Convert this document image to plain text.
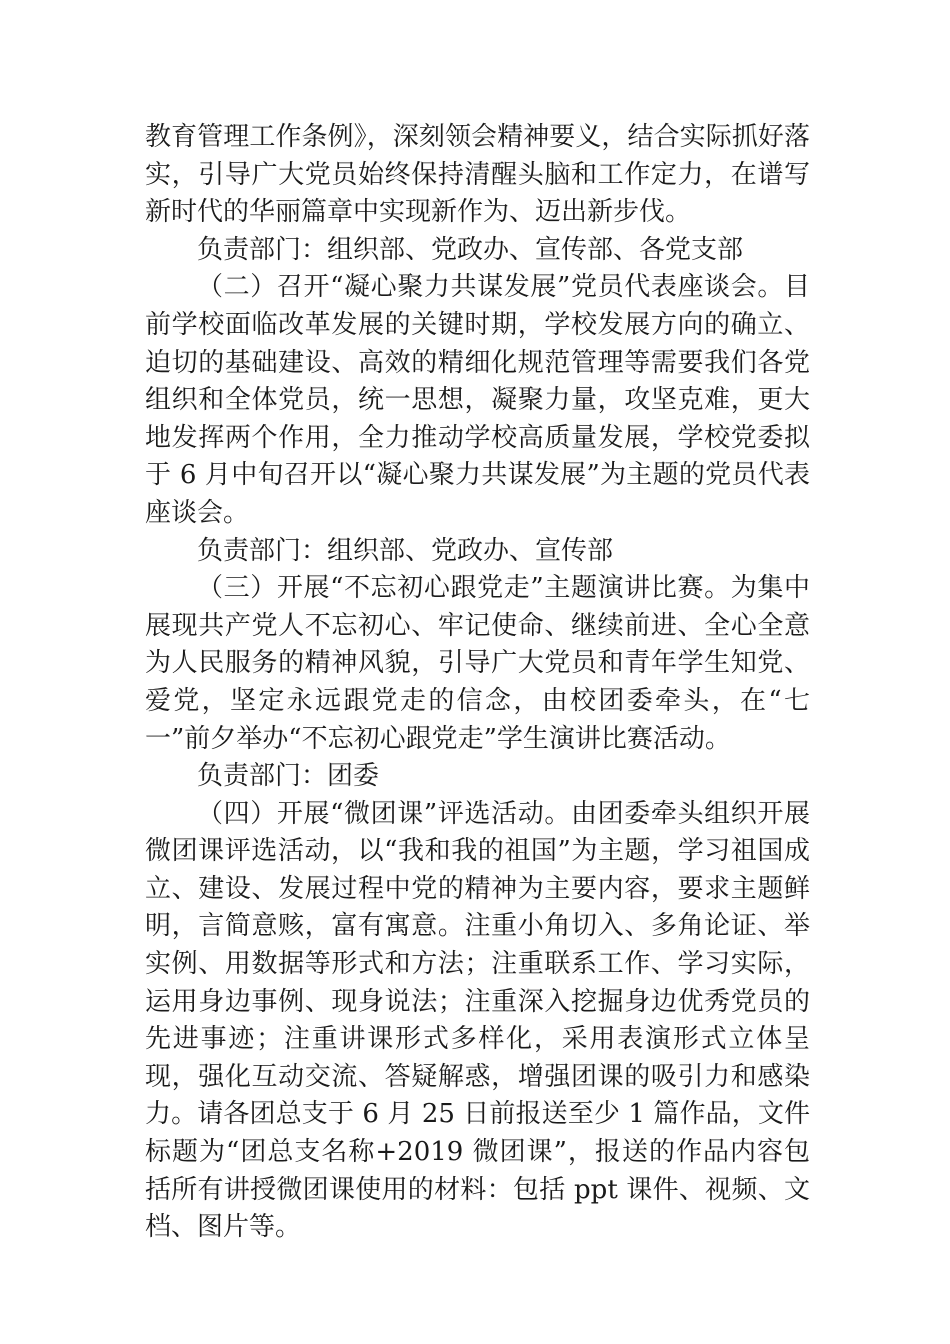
教育管理工作条例》，深刻领会精神要义，结合实际抓好落实，引导广大党员始终保持清醒头脑和工作定力，在谱写新时代的华丽篇章中实现新作为、迈出新步伐。

负责部门：组织部、党政办、宣传部、各党支部

（二）召开“凝心聚力共谋发展”党员代表座谈会。目前学校面临改革发展的关键时期，学校发展方向的确立、迫切的基础建设、高效的精细化规范管理等需要我们各党组织和全体党员，统一思想，凝聚力量，攻坚克难，更大地发挥两个作用，全力推动学校高质量发展，学校党委拟于 6 月中旬召开以“凝心聚力共谋发展”为主题的党员代表座谈会。

负责部门：组织部、党政办、宣传部

（三）开展“不忘初心跟党走”主题演讲比赛。为集中展现共产党人不忘初心、牢记使命、继续前进、全心全意为人民服务的精神风貌，引导广大党员和青年学生知党、爱党，坚定永远跟党走的信念，由校团委牵头，在“七一”前夕举办“不忘初心跟党走”学生演讲比赛活动。

负责部门：团委

（四）开展“微团课”评选活动。由团委牵头组织开展微团课评选活动，以“我和我的祖国”为主题，学习祖国成立、建设、发展过程中党的精神为主要内容，要求主题鲜明，言简意赅，富有寓意。注重小角切入、多角论证、举实例、用数据等形式和方法；注重联系工作、学习实际，运用身边事例、现身说法；注重深入挖掘身边优秀党员的先进事迹；注重讲课形式多样化，采用表演形式立体呈现，强化互动交流、答疑解惑，增强团课的吸引力和感染力。请各团总支于 6 月 25 日前报送至少 1 篇作品，文件标题为“团总支名称+2019 微团课”，报送的作品内容包括所有讲授微团课使用的材料：包括 ppt 课件、视频、文档、图片等。
